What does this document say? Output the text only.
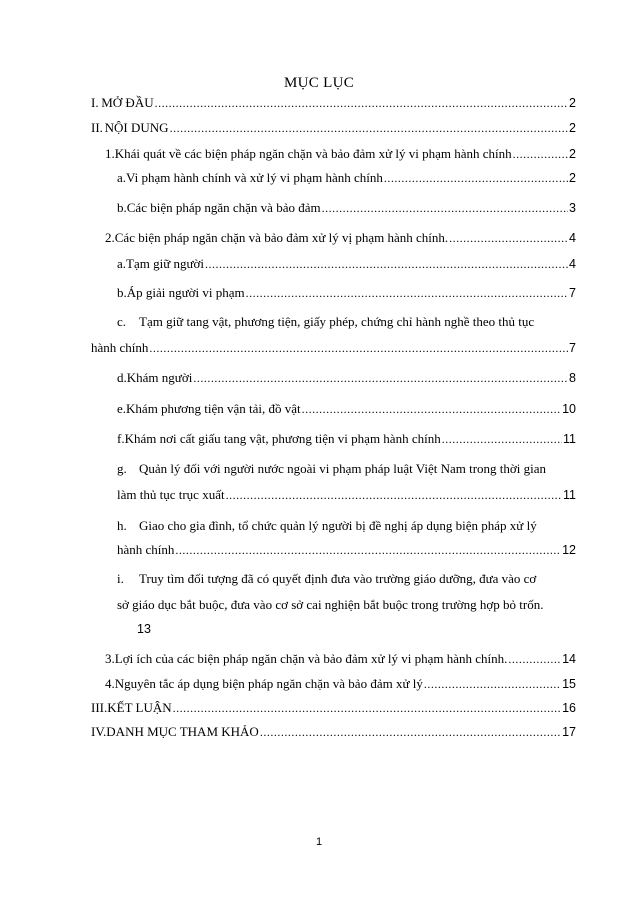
MỤC LỤC
I. MỞ ĐẦU .....	2
II. NỘI DUNG .....	2
1. Khái quát về các biện pháp ngăn chặn và bảo đảm xử lý vi phạm hành chính .....	2
a. Vi phạm hành chính và xử lý vi phạm hành chính .....	2
b. Các biện pháp ngăn chặn và bảo đảm .....	3
2. Các biện pháp ngăn chặn và bảo đảm xử lý vị phạm hành chính. .....	4
a. Tạm giữ người .....	4
b. Áp giải người vi phạm .....	7
c. Tạm giữ tang vật, phương tiện, giấy phép, chứng chỉ hành nghề theo thủ tục
hành chính .....	7
d. Khám người .....	8
e. Khám phương tiện vận tải, đồ vật .....	10
f. Khám nơi cất giấu tang vật, phương tiện vi phạm hành chính .....	11
g. Quản lý đối với người nước ngoài vi phạm pháp luật Việt Nam trong thời gian
làm thủ tục trục xuất .....	11
h. Giao cho gia đình, tổ chức quản lý người bị đề nghị áp dụng biện pháp xử lý
hành chính .....	12
i. Truy tìm đối tượng đã có quyết định đưa vào trường giáo dưỡng, đưa vào cơ
sở giáo dục bắt buộc, đưa vào cơ sở cai nghiện bắt buộc trong trường hợp bỏ trốn.
13
3. Lợi ích của các biện pháp ngăn chặn và bảo đảm xử lý vi phạm hành chính. .....	14
4. Nguyên tắc áp dụng biện pháp ngăn chặn và bảo đảm xử lý .....	15
III. KẾT LUẬN .....	16
IV. DANH MỤC THAM KHẢO .....	17
1
